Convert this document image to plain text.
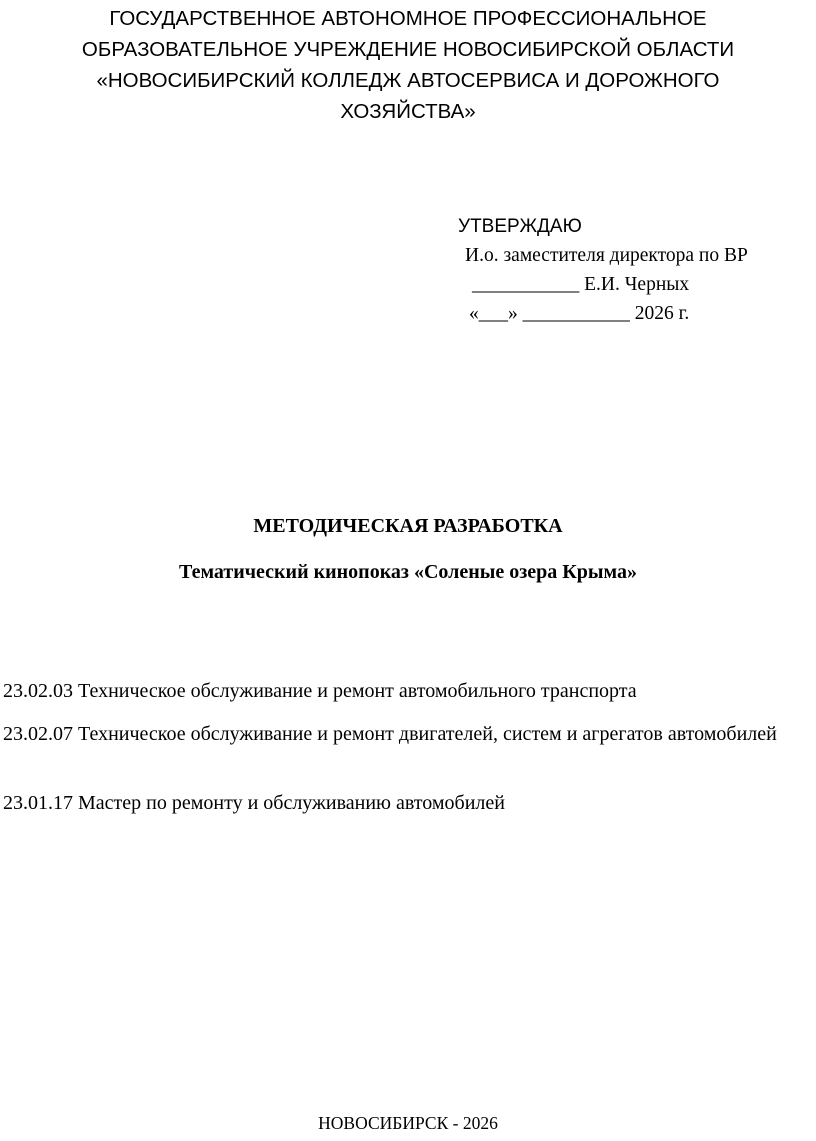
ГОСУДАРСТВЕННОЕ АВТОНОМНОЕ ПРОФЕССИОНАЛЬНОЕ
ОБРАЗОВАТЕЛЬНОЕ УЧРЕЖДЕНИЕ НОВОСИБИРСКОЙ ОБЛАСТИ
«НОВОСИБИРСКИЙ КОЛЛЕДЖ АВТОСЕРВИСА И ДОРОЖНОГО
ХОЗЯЙСТВА»
УТВЕРЖДАЮ
И.о. заместителя директора по ВР
___________ Е.И. Черных
«___» ___________ 2026 г.
МЕТОДИЧЕСКАЯ РАЗРАБОТКА
Тематический кинопоказ «Соленые озера Крыма»
23.02.03 Техническое обслуживание и ремонт автомобильного транспорта
23.02.07 Техническое обслуживание и ремонт двигателей, систем и агрегатов автомобилей
23.01.17 Мастер по ремонту и обслуживанию автомобилей
НОВОСИБИРСК - 2026
